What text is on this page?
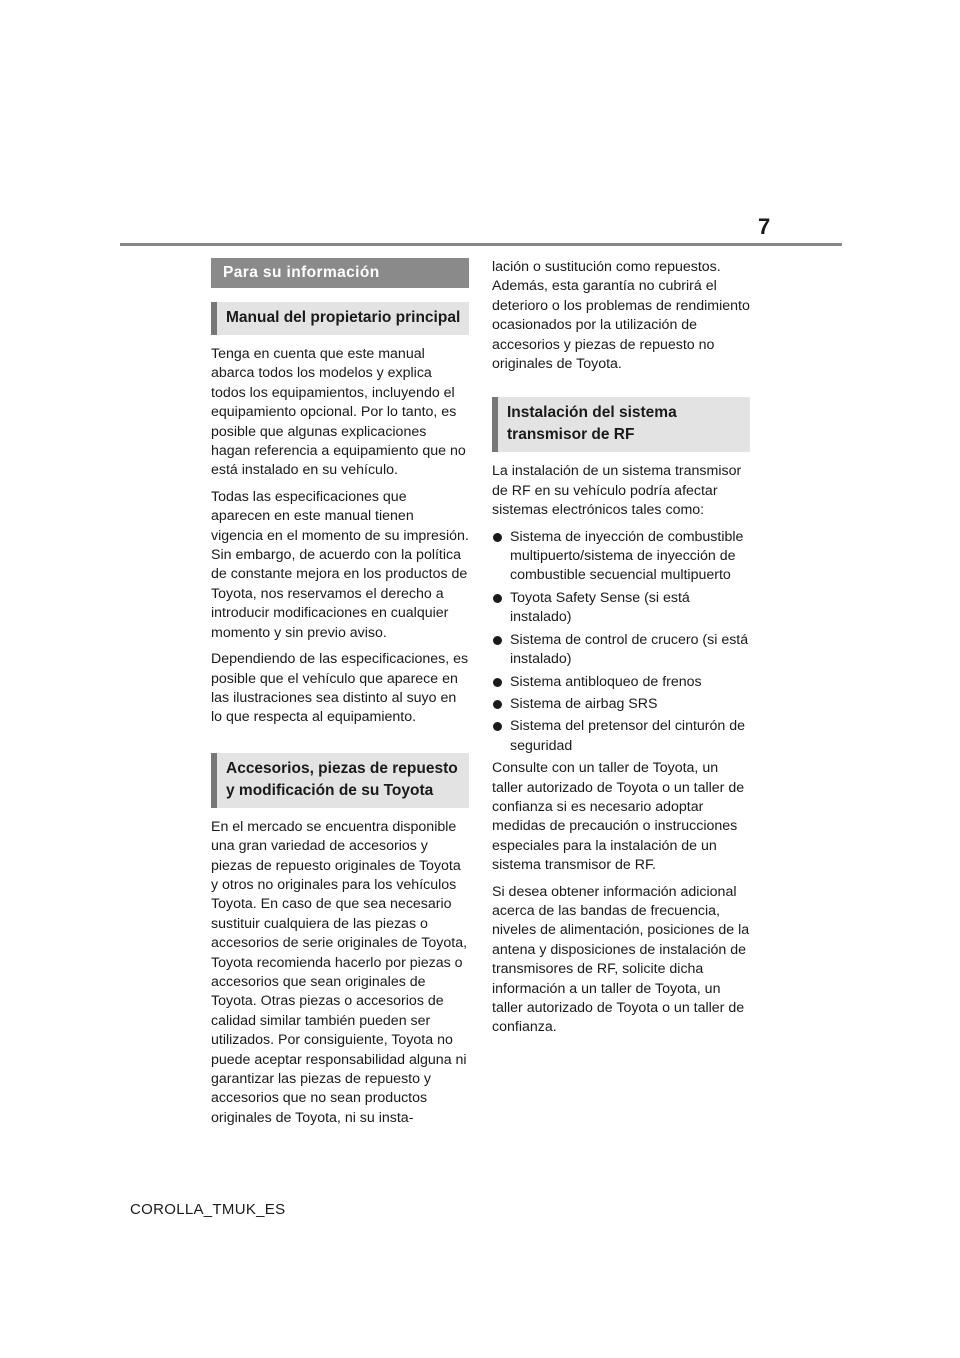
7
Para su información
Manual del propietario principal

Tenga en cuenta que este manual abarca todos los modelos y explica todos los equipamientos, incluyendo el equipamiento opcional. Por lo tanto, es posible que algunas explicaciones hagan referencia a equipamiento que no está instalado en su vehículo.

Todas las especificaciones que aparecen en este manual tienen vigencia en el momento de su impresión. Sin embargo, de acuerdo con la política de constante mejora en los productos de Toyota, nos reservamos el derecho a introducir modificaciones en cualquier momento y sin previo aviso.

Dependiendo de las especificaciones, es posible que el vehículo que aparece en las ilustraciones sea distinto al suyo en lo que respecta al equipamiento.

Accesorios, piezas de repuesto y modificación de su Toyota

En el mercado se encuentra disponible una gran variedad de accesorios y piezas de repuesto originales de Toyota y otros no originales para los vehículos Toyota. En caso de que sea necesario sustituir cualquiera de las piezas o accesorios de serie originales de Toyota, Toyota recomienda hacerlo por piezas o accesorios que sean originales de Toyota. Otras piezas o accesorios de calidad similar también pueden ser utilizados. Por consiguiente, Toyota no puede aceptar responsabilidad alguna ni garantizar las piezas de repuesto y accesorios que no sean productos originales de Toyota, ni su insta-

lación o sustitución como repuestos. Además, esta garantía no cubrirá el deterioro o los problemas de rendimiento ocasionados por la utilización de accesorios y piezas de repuesto no originales de Toyota.

Instalación del sistema transmisor de RF

La instalación de un sistema transmisor de RF en su vehículo podría afectar sistemas electrónicos tales como:

Sistema de inyección de combustible multipuerto/sistema de inyección de combustible secuencial multipuerto
Toyota Safety Sense (si está instalado)
Sistema de control de crucero (si está instalado)
Sistema antibloqueo de frenos
Sistema de airbag SRS
Sistema del pretensor del cinturón de seguridad

Consulte con un taller de Toyota, un taller autorizado de Toyota o un taller de confianza si es necesario adoptar medidas de precaución o instrucciones especiales para la instalación de un sistema transmisor de RF.

Si desea obtener información adicional acerca de las bandas de frecuencia, niveles de alimentación, posiciones de la antena y disposiciones de instalación de transmisores de RF, solicite dicha información a un taller de Toyota, un taller autorizado de Toyota o un taller de confianza.

COROLLA_TMUK_ES
